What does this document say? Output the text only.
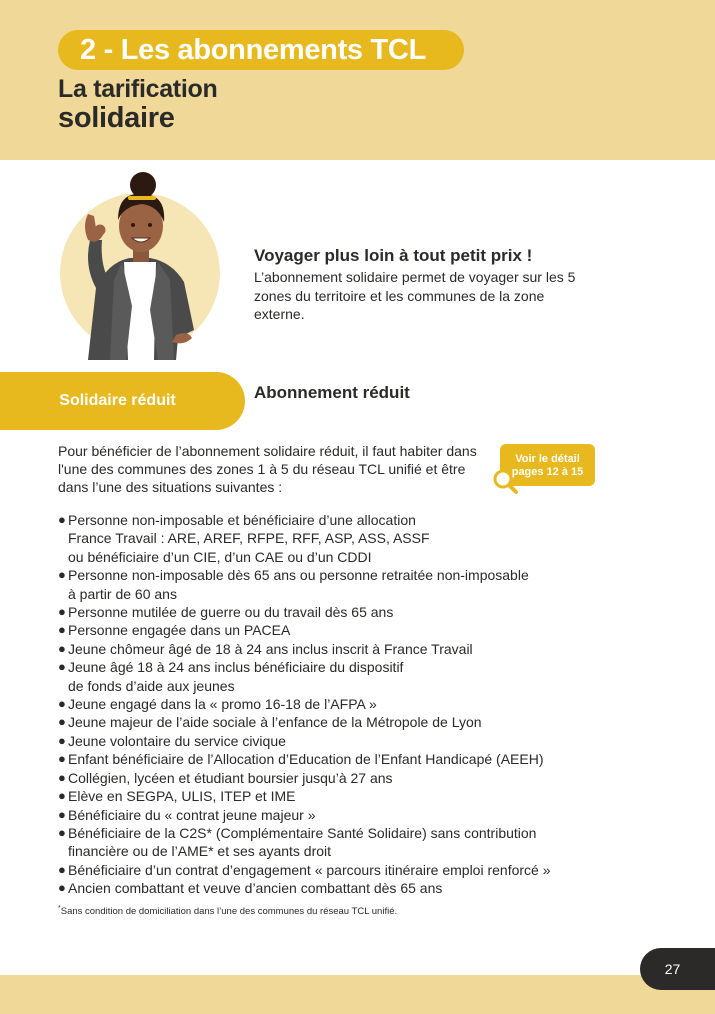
2 - Les abonnements TCL
La tarification
solidaire
Voyager plus loin à tout petit prix !
L’abonnement solidaire permet de voyager sur les 5 zones du territoire et les communes de la zone externe.
Solidaire réduit	Abonnement réduit
Pour bénéficier de l’abonnement solidaire réduit, il faut habiter dans l'une des communes des zones 1 à 5 du réseau TCL unifié et être dans l’une des situations suivantes :
Voir le détail
pages 12 à 15
● Personne non-imposable et bénéficiaire d’une allocation
France Travail : ARE, AREF, RFPE, RFF, ASP, ASS, ASSF
ou bénéficiaire d’un CIE, d’un CAE ou d’un CDDI
● Personne non-imposable dès 65 ans ou personne retraitée non-imposable
à partir de 60 ans
● Personne mutilée de guerre ou du travail dès 65 ans
● Personne engagée dans un PACEA
● Jeune chômeur âgé de 18 à 24 ans inclus inscrit à France Travail
● Jeune âgé 18 à 24 ans inclus bénéficiaire du dispositif
de fonds d’aide aux jeunes
● Jeune engagé dans la « promo 16-18 de l’AFPA »
● Jeune majeur de l’aide sociale à l’enfance de la Métropole de Lyon
● Jeune volontaire du service civique
● Enfant bénéficiaire de l’Allocation d’Education de l’Enfant Handicapé (AEEH)
● Collégien, lycéen et étudiant boursier jusqu’à 27 ans
● Elève en SEGPA, ULIS, ITEP et IME
● Bénéficiaire du « contrat jeune majeur »
● Bénéficiaire de la C2S* (Complémentaire Santé Solidaire) sans contribution
financière ou de l’AME* et ses ayants droit
● Bénéficiaire d’un contrat d’engagement « parcours itinéraire emploi renforcé »
● Ancien combattant et veuve d’ancien combattant dès 65 ans
*Sans condition de domiciliation dans l’une des communes du réseau TCL unifié.
27
